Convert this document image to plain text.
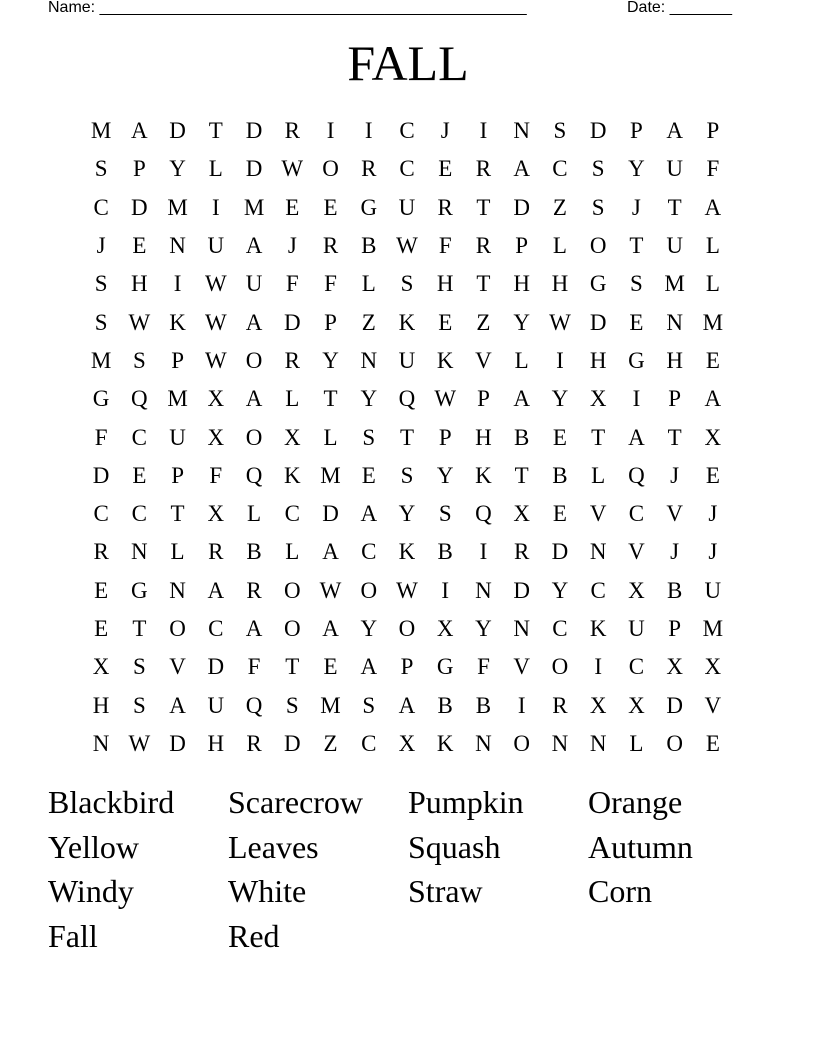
Name: ________________________________________________	Date: _______
FALL
M A D T D R	I	I	C	J	I	N	S	D	P	A	P
S	P	Y L D W O R C	E	R A C	S	Y U	F
C D M	I	M E	E G U R	T D Z	S	J	T A
J	E N U A	J	R B W F	R	P	L O T U L
S	H	I	W U	F	F	L	S	H T H H G	S M L
S W K W A D	P	Z K E	Z Y W D E N M
M S	P W O R Y N U K V L	I	H G H E
G Q M X A L	T Y Q W P	A Y X	I	P	A
F	C U X O X L	S	T	P	H B	E	T A T X
D E	P	F	Q K M E	S	Y K T	B	L Q	J	E
C C	T X L	C D A Y	S	Q X E V C V	J
R N L	R B	L A C K B	I	R D N V	J	J
E G N A R O W O W	I	N D Y C X B U
E	T O C A O A Y O X Y N C K U	P M
X	S	V D	F	T	E A	P	G	F	V O	I	C X X
H	S	A U Q	S M S	A B B	I	R X X D V
N W D H R D Z	C X K N O N N L O E
Blackbird	Scarecrow	Pumpkin	Orange
Yellow	Leaves	Squash	Autumn
Windy	White	Straw	Corn
Fall	Red
